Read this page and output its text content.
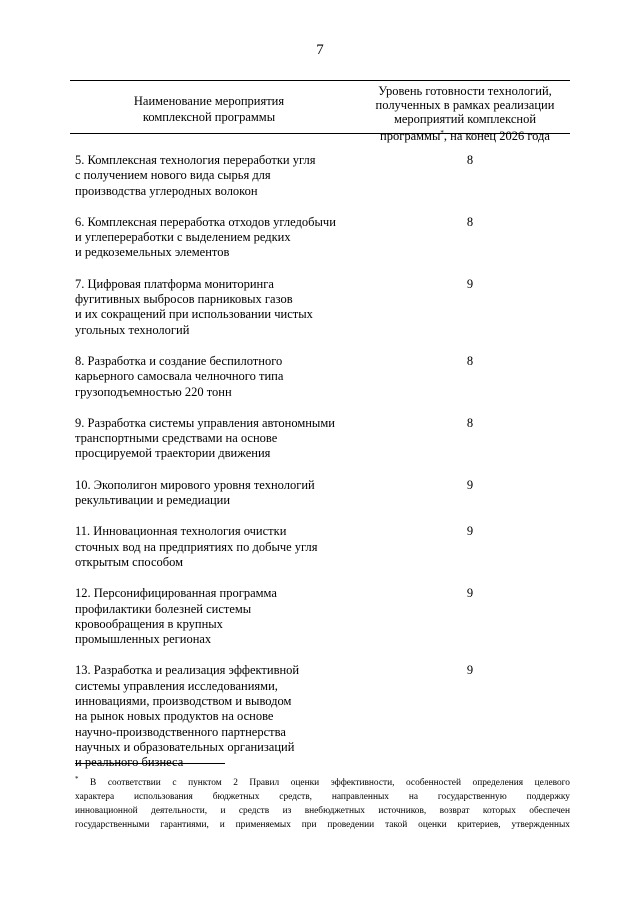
7
Наименование мероприятия
комплексной программы
Уровень готовности технологий,
полученных в рамках реализации
мероприятий комплексной
программы*, на конец 2026 года
5. Комплексная технология переработки угля
с получением нового вида сырья для
производства углеродных волокон
8
6. Комплексная переработка отходов угледобычи
и углепереработки с выделением редких
и редкоземельных элементов
8
7. Цифровая платформа мониторинга
фугитивных выбросов парниковых газов
и их сокращений при использовании чистых
угольных технологий
9
8. Разработка и создание беспилотного
карьерного самосвала челночного типа
грузоподъемностью 220 тонн
8
9. Разработка системы управления автономными
транспортными средствами на основе
просцируемой траектории движения
8
10. Экополигон мирового уровня технологий
рекультивации и ремедиации
9
11. Инновационная технология очистки
сточных вод на предприятиях по добыче угля
открытым способом
9
12. Персонифицированная программа
профилактики болезней системы
кровообращения в крупных
промышленных регионах
9
13. Разработка и реализация эффективной
системы управления исследованиями,
инновациями, производством и выводом
на рынок новых продуктов на основе
научно-производственного партнерства
научных и образовательных организаций
и реального бизнеса
9
* В соответствии с пунктом 2 Правил оценки эффективности, особенностей определения целевого
характера использования бюджетных средств, направленных на государственную поддержку
инновационной деятельности, и средств из внебюджетных источников, возврат которых обеспечен
государственными гарантиями, и применяемых при проведении такой оценки критериев, утвержденных
